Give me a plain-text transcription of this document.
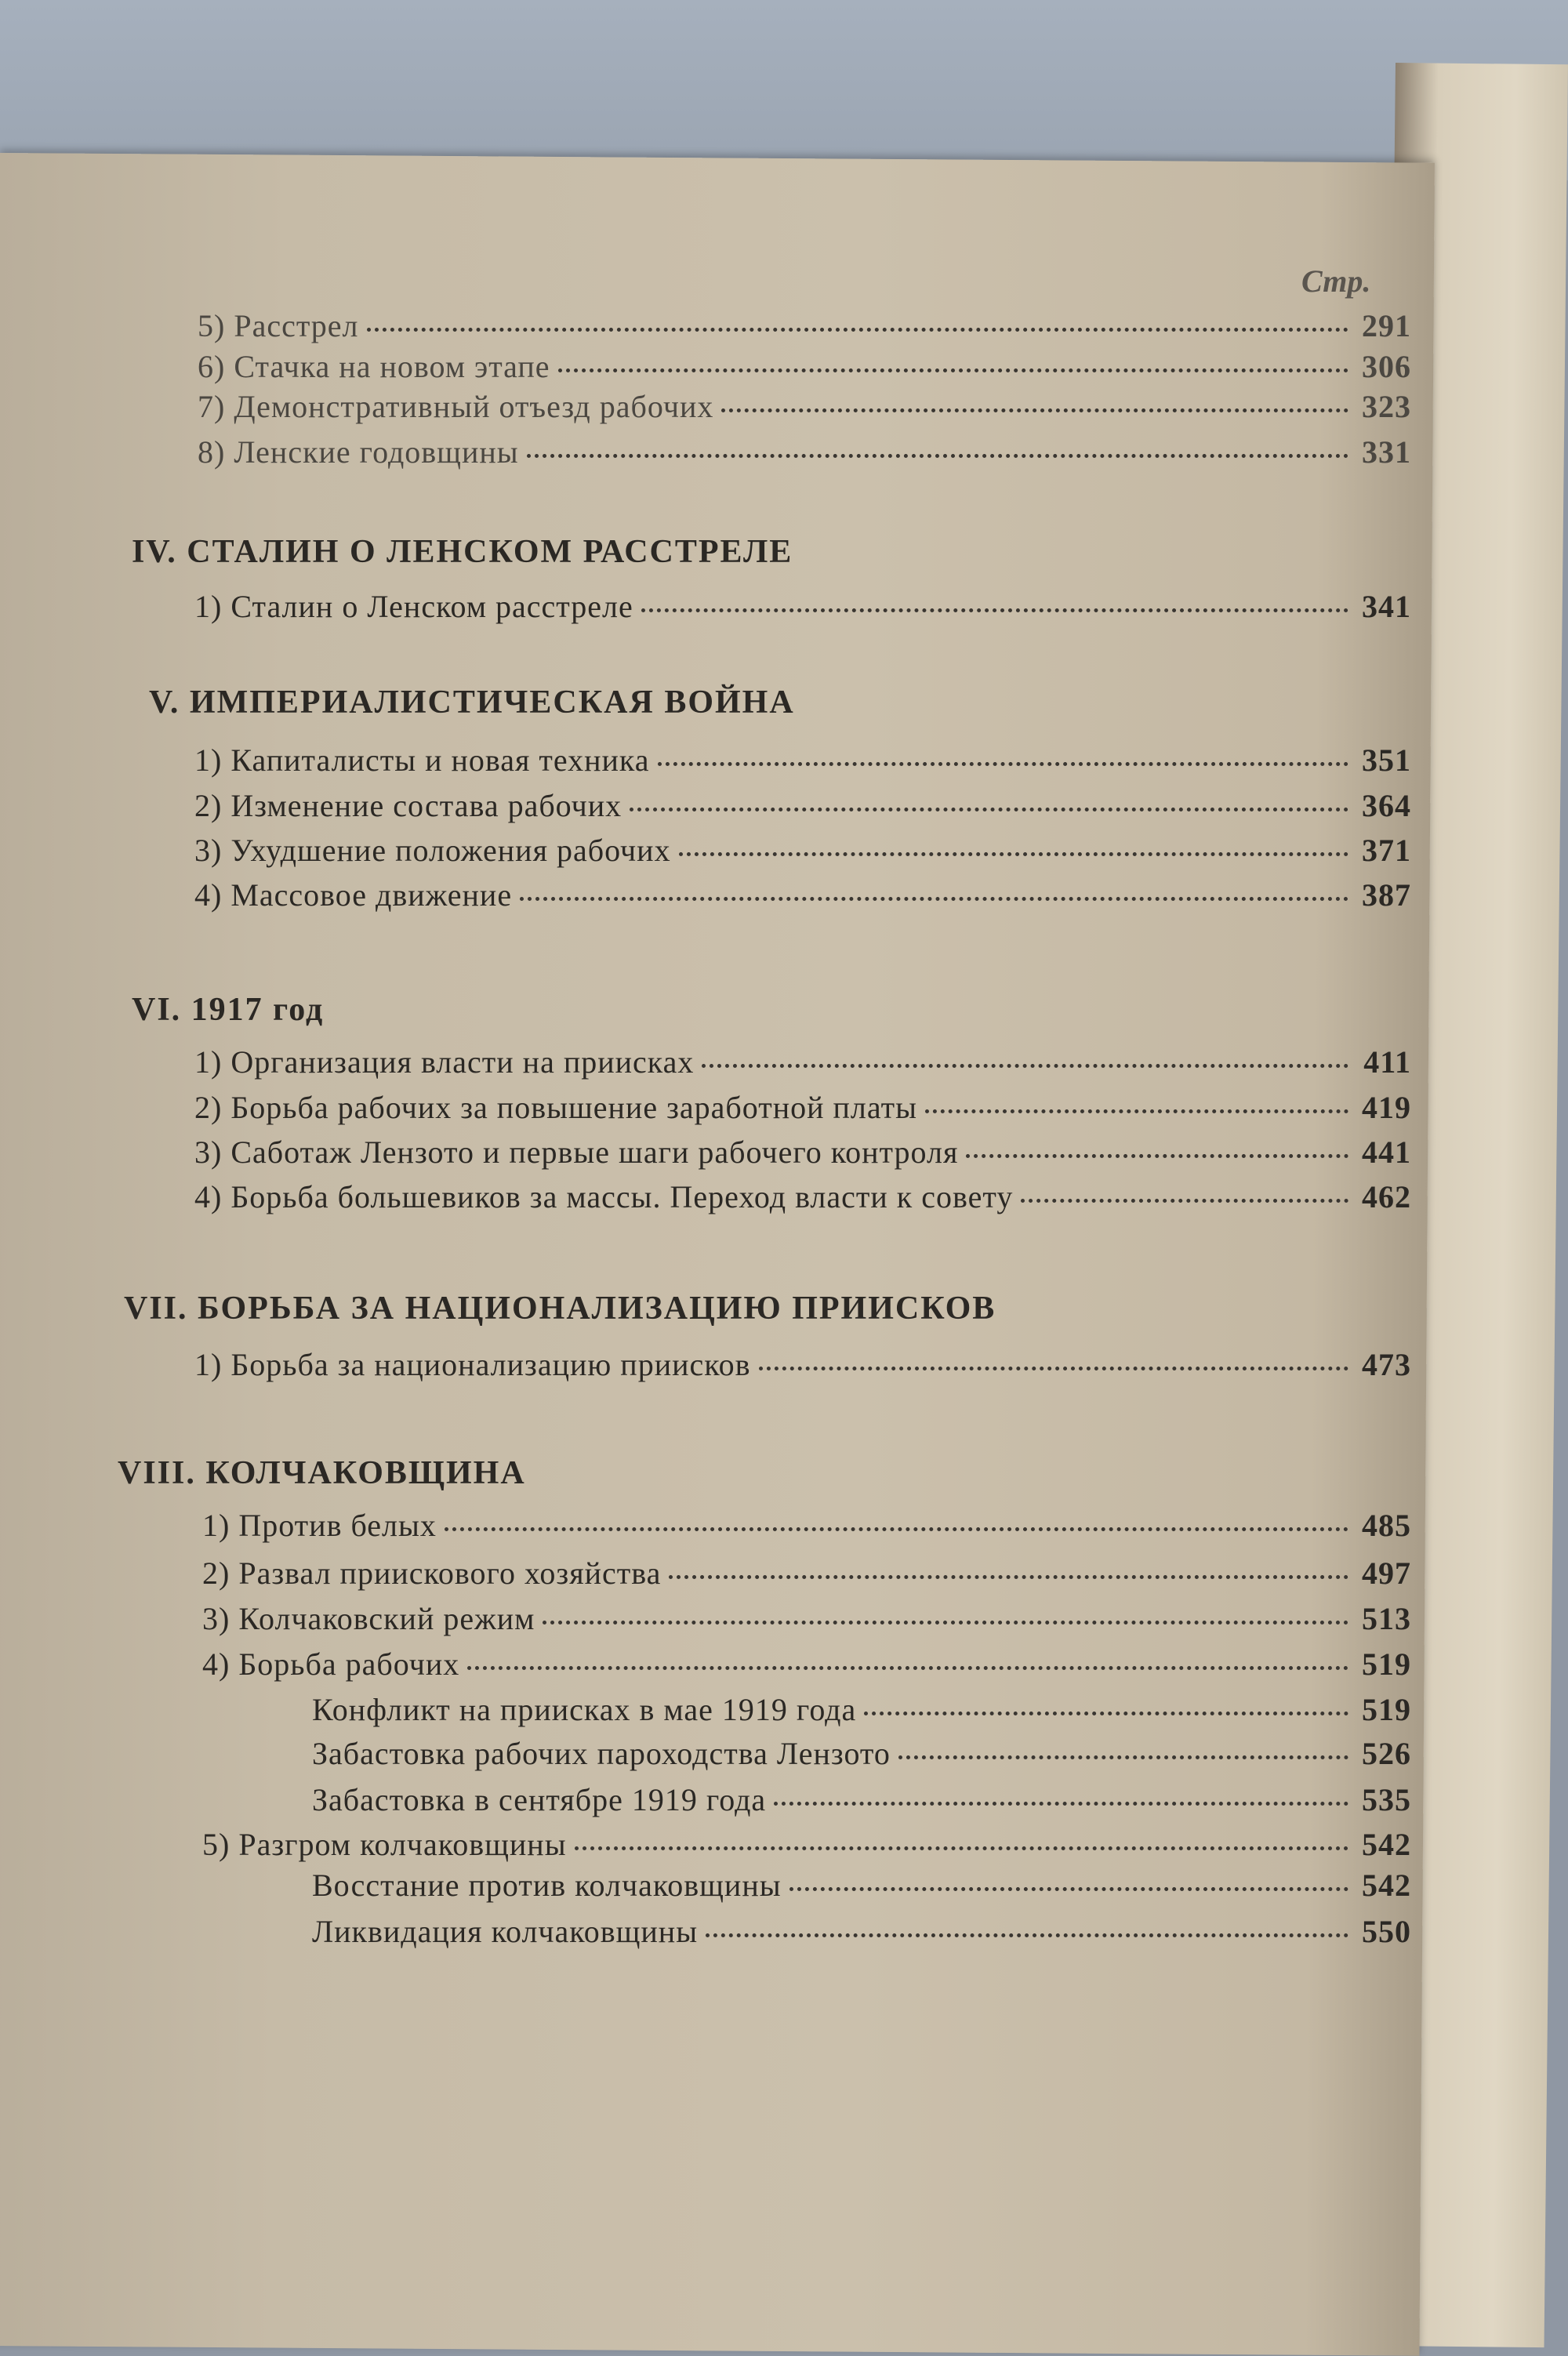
Стр.
5) Расстрел	291
6) Стачка на новом этапе	306
7) Демонстративный отъезд рабочих	323
8) Ленские годовщины	331
IV. СТАЛИН О ЛЕНСКОМ РАССТРЕЛЕ
1) Сталин о Ленском расстреле	341
V. ИМПЕРИАЛИСТИЧЕСКАЯ ВОЙНА
1) Капиталисты и новая техника	351
2) Изменение состава рабочих	364
3) Ухудшение положения рабочих	371
4) Массовое движение	387
VI. 1917 год
1) Организация власти на приисках	411
2) Борьба рабочих за повышение заработной платы	419
3) Саботаж Лензото и первые шаги рабочего контроля	441
4) Борьба большевиков за массы. Переход власти к совету	462
VII. БОРЬБА ЗА НАЦИОНАЛИЗАЦИЮ ПРИИСКОВ
1) Борьба за национализацию приисков	473
VIII. КОЛЧАКОВЩИНА
1) Против белых	485
2) Развал приискового хозяйства	497
3) Колчаковский режим	513
4) Борьба рабочих	519
Конфликт на приисках в мае 1919 года	519
Забастовка рабочих пароходства Лензото	526
Забастовка в сентябре 1919 года	535
5) Разгром колчаковщины	542
Восстание против колчаковщины	542
Ликвидация колчаковщины	550
